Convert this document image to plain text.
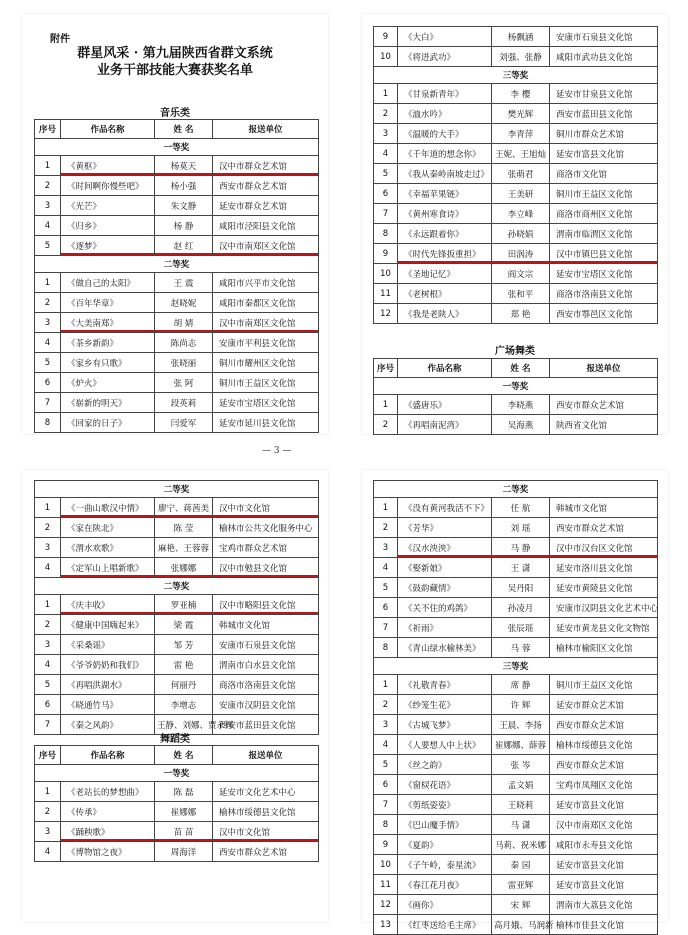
附件
群星风采 · 第九届陕西省群文系统
业务干部技能大赛获奖名单
音乐类
序号	作品名称	姓 名	报送单位
一等奖			
1	《黄枢》	杨莫天	汉中市群众艺术馆
2	《时间啊你慢些吧》	杨小强	西安市群众艺术馆
3	《光芒》	朱文静	延安市群众艺术馆
4	《归乡》	杨 静	咸阳市泾阳县文化馆
5	《逐梦》	赵 红	汉中市南郑区文化馆
二等奖			
1	《做自己的太阳》	王 震	咸阳市兴平市文化馆
2	《百年华章》	赵晓妮	咸阳市秦都区文化馆
3	《大美南郑》	胡 婧	汉中市南郑区文化馆
4	《茶乡新韵》	陈尚志	安康市平利县文化馆
5	《家乡有只歌》	张晓丽	铜川市耀州区文化馆
6	《炉火》	张 阿	铜川市王益区文化馆
7	《崭新的明天》	段英莉	延安市宝塔区文化馆
8	《回家的日子》	闫爱军	延安市延川县文化馆
9	《大白》	杨飘涵	安康市石泉县文化馆
10	《将进武功》	刘强、张静	咸阳市武功县文化馆
三等奖			
1	《甘泉新青年》	李 樱	延安市甘泉县文化馆
2	《洫水吟》	樊光辉	西安市蓝田县文化馆
3	《温暖的大手》	李青萍	铜川市群众艺术馆
4	《千年道的想念你》	王妮、王旭灿	延安市富县文化馆
5	《我从秦岭南坡走过》	张萌君	商洛市文化馆
6	《幸福苹果链》	王美研	铜川市王益区文化馆
7	《黄州寒食诗》	李立峰	商洛市商州区文化馆
8	《永远跟着你》	孙晓娟	渭南市临渭区文化馆
9	《时代先锋扳重担》	田涡涛	汉中市镇巴县文化馆
10	《圣地记忆》	阎文宗	延安市宝塔区文化馆
11	《老树根》	张和平	商洛市洛南县文化馆
12	《我是老陕人》	郑 艳	西安市鄠邑区文化馆
广场舞类
序号	作品名称	姓 名	报送单位
一等奖			
1	《盛唐乐》	李晓燕	西安市群众艺术馆
2	《再唱南泥湾》	吴海燕	陕西省文化馆
— 3 —
二等奖			
1	《一曲山歌汉中情》	廖宁、蒋茜美	汉中市文化馆
2	《家在陕北》	陈 莹	榆林市公共文化服务中心
3	《渭水欢歌》	麻艳、王蓉蓉	宝鸡市群众艺术馆
4	《定军山上唱新歌》	张娜娜	汉中市勉县文化馆
二等奖			
1	《庆丰收》	罗亚楠	汉中市略阳县文化馆
2	《健康中国嗨起来》	梁 霞	韩城市文化馆
3	《采桑谣》	邹 芳	安康市石泉县文化馆
4	《爷爷奶奶和我们》	雷 艳	渭南市白水县文化馆
5	《再唱洪湖水》	何丽丹	商洛市洛南县文化馆
6	《晓通竹马》	李增志	安康市汉阴县文化馆
7	《秦之风韵》	王静、刘娜、贾永辉	西安市蓝田县文化馆
舞蹈类
序号	作品名称	姓 名	报送单位
一等奖			
1	《老站长的梦想曲》	陈 磊	延安市文化艺术中心
2	《传承》	崔娜娜	榆林市绥德县文化馆
3	《踊秧歌》	苗 苗	汉中市文化馆
4	《博物馆之夜》	周海洋	西安市群众艺术馆
二等奖			
1	《没有黄河我活不下》	任 航	韩城市文化馆
2	《芳华》	刘 瑶	西安市群众艺术馆
3	《汉水泱泱》	马 静	汉中市汉台区文化馆
4	《娶新娘》	王 潇	延安市洛川县文化馆
5	《鼓韵藏情》	吴丹阳	延安市黄陵县文化馆
6	《关不住的鸡鸽》	孙凌月	安康市汉阴县文化艺术中心
7	《祈雨》	张辰瑶	延安市黄龙县文化文物馆
8	《青山绿水榆林美》	马 蓉	榆林市榆阳区文化馆
三等奖			
1	《礼敬青春》	席 静	铜川市王益区文化馆
2	《纱笼生花》	许 辉	延安市群众艺术馆
3	《古城飞梦》	王晨、李扬	西安市群众艺术馆
4	《人要想人中上状》	崔娜娜、薛蓉	榆林市绥德县文化馆
5	《丝之韵》	张 岑	西安市群众艺术馆
6	《窗棂花语》	孟文娟	宝鸡市凤翔区文化馆
7	《剪纸姿姿》	王晓莉	延安市富县文化馆
8	《巴山魔手情》	马 潇	汉中市南郑区文化馆
9	《夏韵》	马莉、祝米娜	咸阳市永寿县文化馆
10	《子午岭，泰星流》	秦 园	延安市富县文化馆
11	《春江花月夜》	雷亚辉	延安市富县文化馆
12	《画你》	宋 辉	渭南市大荔县文化馆
13	《红枣送给毛主席》	高月娥、马润新	榆林市佳县文化馆
